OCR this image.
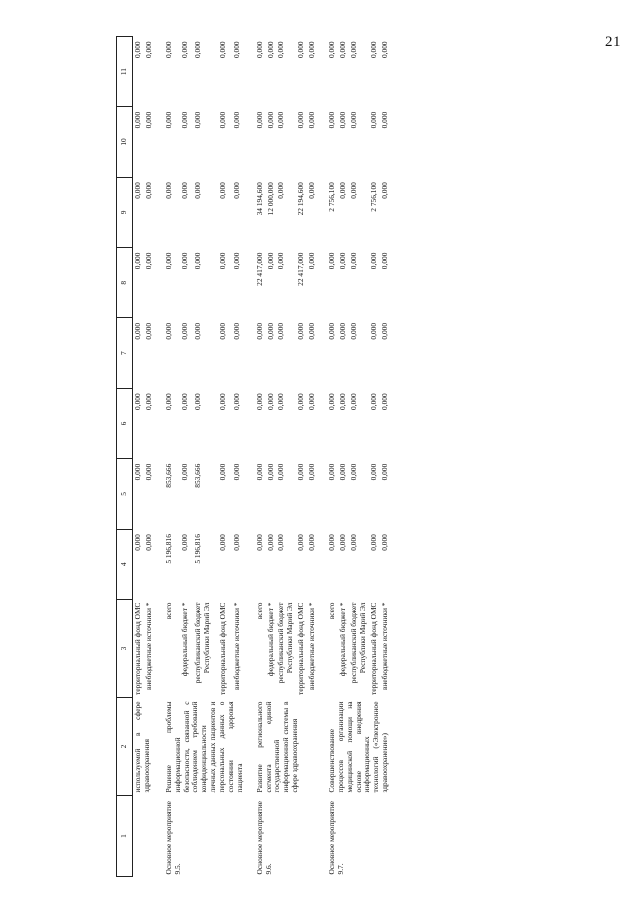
21
1	2	3	4	5	6	7	8	9	10	11
	используемой в сфере здравоохранения	территориальный фонд ОМС	0,000	0,000	0,000	0,000	0,000	0,000	0,000	0,000
		внебюджетные источники *	0,000	0,000	0,000	0,000	0,000	0,000	0,000	0,000
Основное мероприятие 9.5.	Решение проблемы информационной безопасности, связанной с соблюдением требований конфиденциальности личных данных пациентов и персональных данных о состоянии здоровья пациента	всего	5 196,816	853,666	0,000	0,000	0,000	0,000	0,000	0,000
		федеральный бюджет *	0,000	0,000	0,000	0,000	0,000	0,000	0,000	0,000
		республиканский бюджет Республики Марий Эл	5 196,816	853,666	0,000	0,000	0,000	0,000	0,000	0,000
		территориальный фонд ОМС	0,000	0,000	0,000	0,000	0,000	0,000	0,000	0,000
		внебюджетные источники *	0,000	0,000	0,000	0,000	0,000	0,000	0,000	0,000
Основное мероприятие 9.6.	Развитие регионального сегмента единой государственной информационной системы в сфере здравоохранения	всего	0,000	0,000	0,000	0,000	22 417,000	34 194,600	0,000	0,000
		федеральный бюджет *	0,000	0,000	0,000	0,000	0,000	12 000,000	0,000	0,000
		республиканский бюджет Республики Марий Эл	0,000	0,000	0,000	0,000	0,000	0,000	0,000	0,000
		территориальный фонд ОМС	0,000	0,000	0,000	0,000	22 417,000	22 194,600	0,000	0,000
		внебюджетные источники *	0,000	0,000	0,000	0,000	0,000	0,000	0,000	0,000
Основное мероприятие 9.7.	Совершенствование процессов организации медицинской помощи на основе внедрения информационных технологий («Электронное здравоохранение»)	всего	0,000	0,000	0,000	0,000	0,000	2 756,100	0,000	0,000
		федеральный бюджет *	0,000	0,000	0,000	0,000	0,000	0,000	0,000	0,000
		республиканский бюджет Республики Марий Эл	0,000	0,000	0,000	0,000	0,000	0,000	0,000	0,000
		территориальный фонд ОМС	0,000	0,000	0,000	0,000	0,000	2 756,100	0,000	0,000
		внебюджетные источники *	0,000	0,000	0,000	0,000	0,000	0,000	0,000	0,000
